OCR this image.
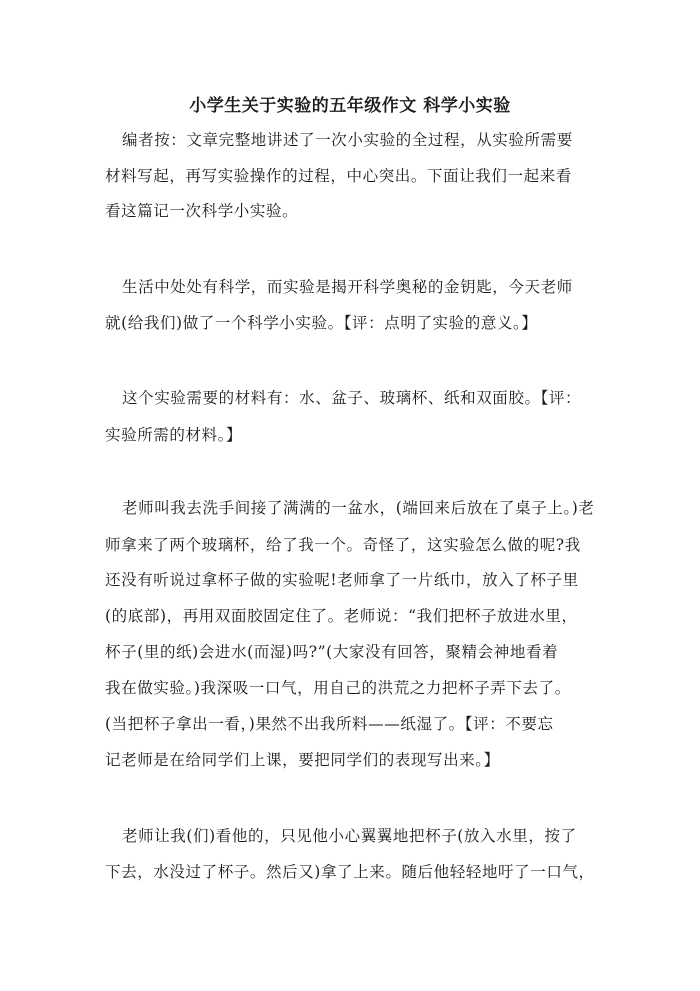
小学生关于实验的五年级作文 科学小实验

编者按：文章完整地讲述了一次小实验的全过程，从实验所需要

材料写起，再写实验操作的过程，中心突出。下面让我们一起来看

看这篇记一次科学小实验。

生活中处处有科学，而实验是揭开科学奥秘的金钥匙，今天老师

就(给我们)做了一个科学小实验。【评：点明了实验的意义。】

这个实验需要的材料有：水、盆子、玻璃杯、纸和双面胶。【评：

实验所需的材料。】

老师叫我去洗手间接了满满的一盆水，(端回来后放在了桌子上。)老

师拿来了两个玻璃杯，给了我一个。奇怪了，这实验怎么做的呢?我

还没有听说过拿杯子做的实验呢!老师拿了一片纸巾，放入了杯子里

(的底部)，再用双面胶固定住了。老师说：“我们把杯子放进水里，

杯子(里的纸)会进水(而湿)吗?”(大家没有回答，聚精会神地看着

我在做实验。)我深吸一口气，用自己的洪荒之力把杯子弄下去了。

(当把杯子拿出一看，)果然不出我所料——纸湿了。【评：不要忘

记老师是在给同学们上课，要把同学们的表现写出来。】

老师让我(们)看他的，只见他小心翼翼地把杯子(放入水里，按了

下去，水没过了杯子。然后又)拿了上来。随后他轻轻地吁了一口气，
